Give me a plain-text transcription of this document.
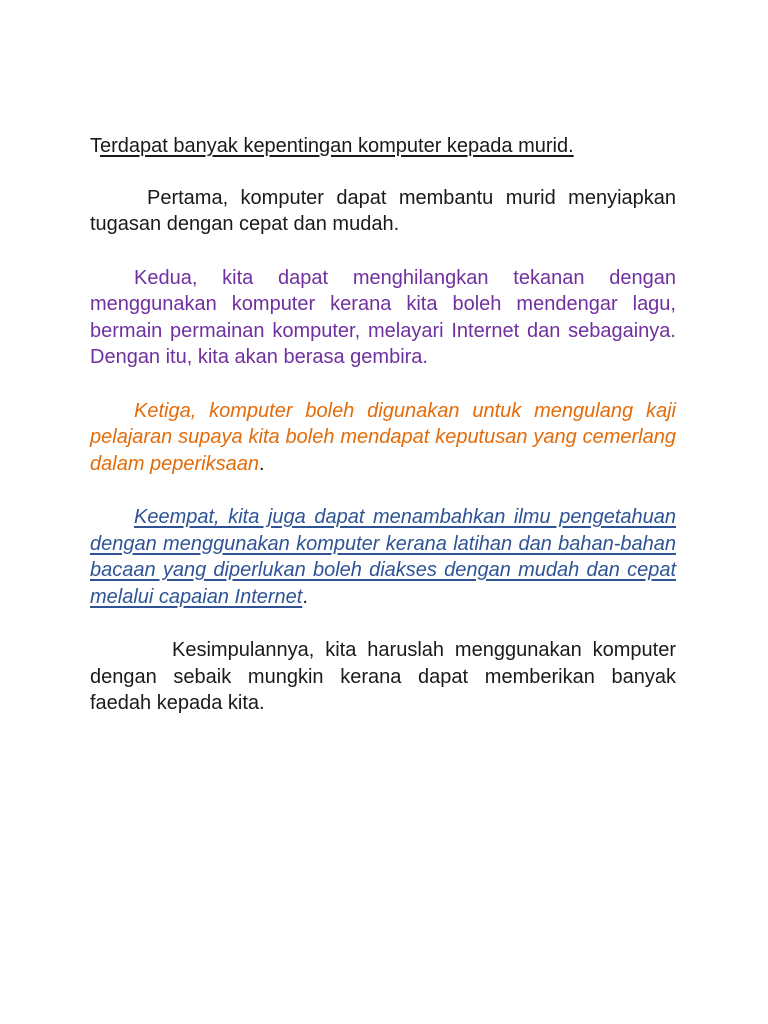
Terdapat banyak kepentingan komputer kepada murid.

Pertama, komputer dapat membantu murid menyiapkan tugasan dengan cepat dan mudah.

Kedua, kita dapat menghilangkan tekanan dengan menggunakan komputer kerana kita boleh mendengar lagu, bermain permainan komputer, melayari Internet dan sebagainya. Dengan itu, kita akan berasa gembira.

Ketiga, komputer boleh digunakan untuk mengulang kaji pelajaran supaya kita boleh mendapat keputusan yang cemerlang dalam peperiksaan.

Keempat, kita juga dapat menambahkan ilmu pengetahuan dengan menggunakan komputer kerana latihan dan bahan-bahan bacaan yang diperlukan boleh diakses dengan mudah dan cepat melalui capaian Internet.

Kesimpulannya, kita haruslah menggunakan komputer dengan sebaik mungkin kerana dapat memberikan banyak  faedah kepada kita.
